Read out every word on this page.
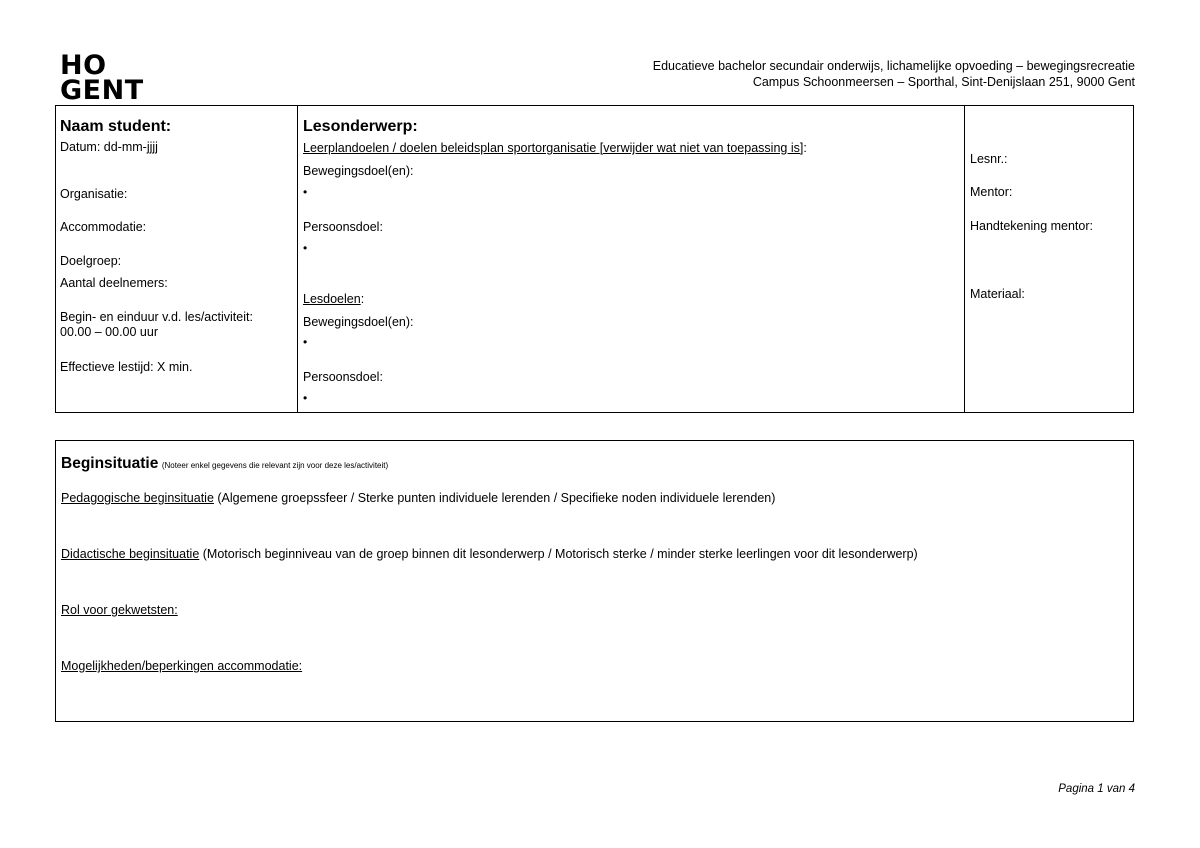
HO
GENT
Educatieve bachelor secundair onderwijs, lichamelijke opvoeding – bewegingsrecreatie
Campus Schoonmeersen – Sporthal, Sint-Denijslaan 251, 9000 Gent
Naam student:
Datum: dd-mm-jjjj
Organisatie:
Accommodatie:
Doelgroep:
Aantal deelnemers:
Begin- en einduur v.d. les/activiteit:
00.00 – 00.00 uur
Effectieve lestijd: X min.
Lesonderwerp:
Leerplandoelen / doelen beleidsplan sportorganisatie [verwijder wat niet van toepassing is]:
Bewegingsdoel(en):
•
Persoonsdoel:
•
Lesdoelen:
Bewegingsdoel(en):
•
Persoonsdoel:
•
Lesnr.:
Mentor:
Handtekening mentor:
Materiaal:
Beginsituatie (Noteer enkel gegevens die relevant zijn voor deze les/activiteit)
Pedagogische beginsituatie (Algemene groepssfeer / Sterke punten individuele lerenden / Specifieke noden individuele lerenden)
Didactische beginsituatie (Motorisch beginniveau van de groep binnen dit lesonderwerp / Motorisch sterke / minder sterke leerlingen voor dit lesonderwerp)
Rol voor gekwetsten:
Mogelijkheden/beperkingen accommodatie:
Pagina 1 van 4
